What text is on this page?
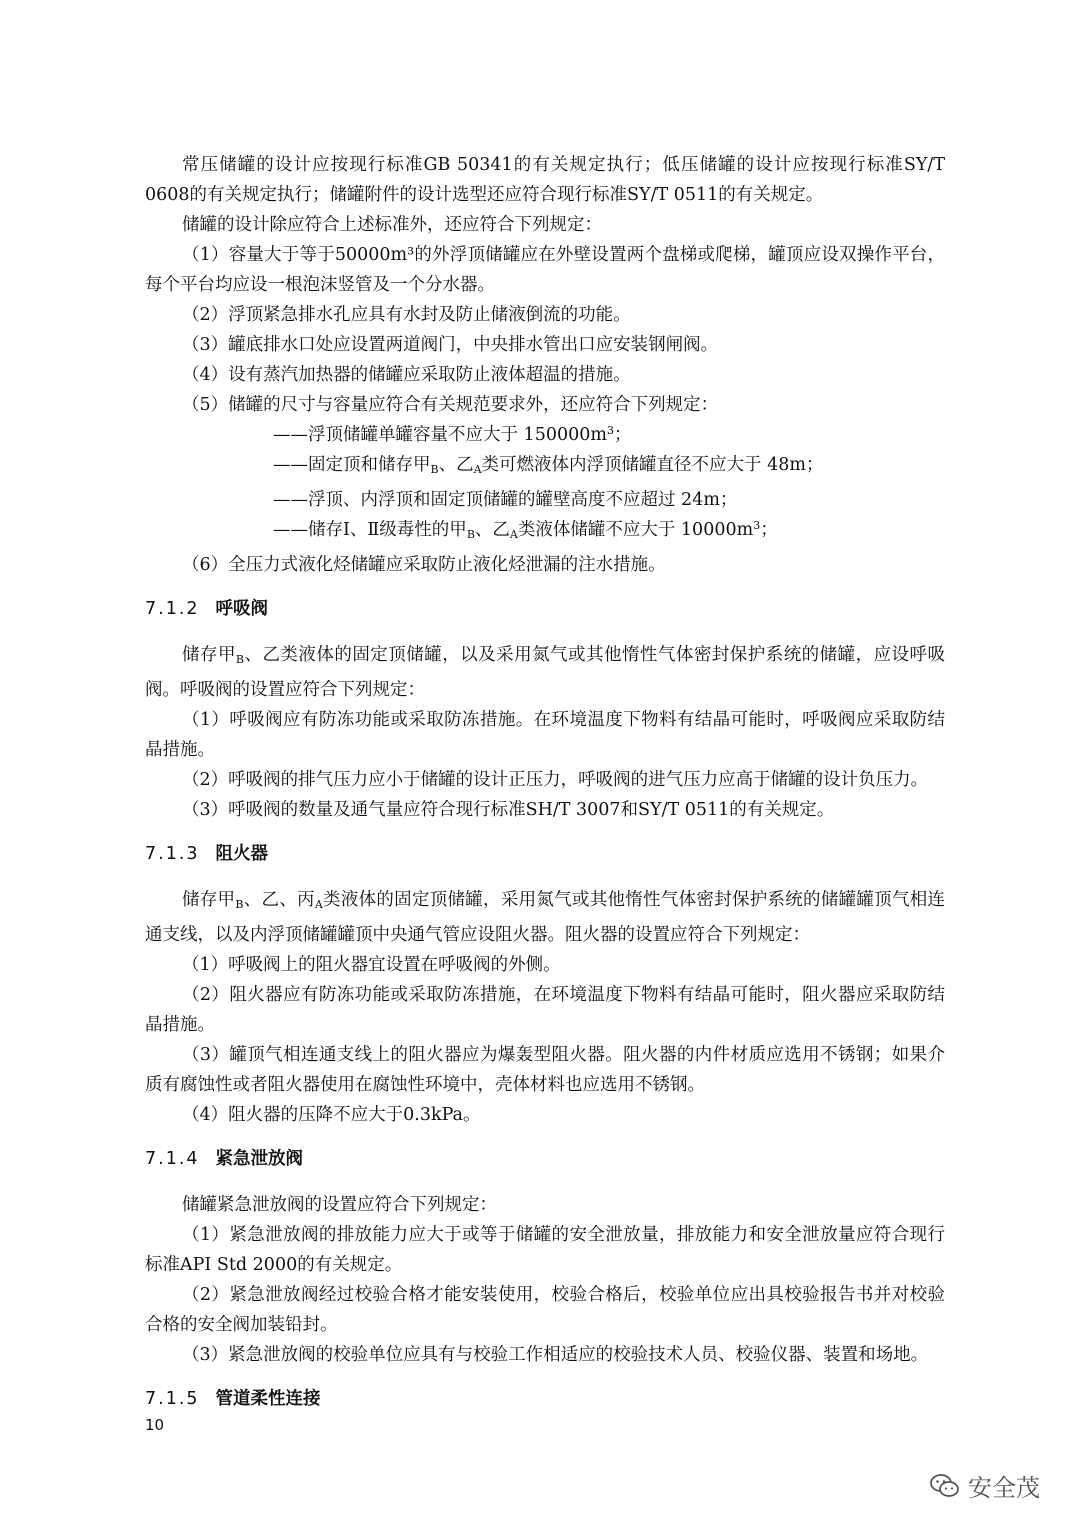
常压储罐的设计应按现行标准GB 50341的有关规定执行；低压储罐的设计应按现行标准SY/T 0608的有关规定执行；储罐附件的设计选型还应符合现行标准SY/T 0511的有关规定。

储罐的设计除应符合上述标准外，还应符合下列规定：

（1）容量大于等于50000m³的外浮顶储罐应在外壁设置两个盘梯或爬梯，罐顶应设双操作平台，每个平台均应设一根泡沫竖管及一个分水器。

（2）浮顶紧急排水孔应具有水封及防止储液倒流的功能。

（3）罐底排水口处应设置两道阀门，中央排水管出口应安装钢闸阀。

（4）设有蒸汽加热器的储罐应采取防止液体超温的措施。

（5）储罐的尺寸与容量应符合有关规范要求外，还应符合下列规定：

——浮顶储罐单罐容量不应大于 $150000m^3$；

——固定顶和储存甲$_B$、乙$_A$类可燃液体内浮顶储罐直径不应大于 48m；

——浮顶、内浮顶和固定顶储罐的罐壁高度不应超过 24m；

——储存Ⅰ、Ⅱ级毒性的甲$_B$、乙$_A$类液体储罐不应大于 $10000m^3$；

（6）全压力式液化烃储罐应采取防止液化烃泄漏的注水措施。

7.1.2 呼吸阀

储存甲$_B$、乙类液体的固定顶储罐，以及采用氮气或其他惰性气体密封保护系统的储罐，应设呼吸阀。呼吸阀的设置应符合下列规定：

（1）呼吸阀应有防冻功能或采取防冻措施。在环境温度下物料有结晶可能时，呼吸阀应采取防结晶措施。

（2）呼吸阀的排气压力应小于储罐的设计正压力，呼吸阀的进气压力应高于储罐的设计负压力。

（3）呼吸阀的数量及通气量应符合现行标准SH/T 3007和SY/T 0511的有关规定。

7.1.3 阻火器

储存甲$_B$、乙、丙$_A$类液体的固定顶储罐，采用氮气或其他惰性气体密封保护系统的储罐罐顶气相连通支线，以及内浮顶储罐罐顶中央通气管应设阻火器。阻火器的设置应符合下列规定：

（1）呼吸阀上的阻火器宜设置在呼吸阀的外侧。

（2）阻火器应有防冻功能或采取防冻措施，在环境温度下物料有结晶可能时，阻火器应采取防结晶措施。

（3）罐顶气相连通支线上的阻火器应为爆轰型阻火器。阻火器的内件材质应选用不锈钢；如果介质有腐蚀性或者阻火器使用在腐蚀性环境中，壳体材料也应选用不锈钢。

（4）阻火器的压降不应大于0.3kPa。

7.1.4 紧急泄放阀

储罐紧急泄放阀的设置应符合下列规定：

（1）紧急泄放阀的排放能力应大于或等于储罐的安全泄放量，排放能力和安全泄放量应符合现行标准API Std 2000的有关规定。

（2）紧急泄放阀经过校验合格才能安装使用，校验合格后，校验单位应出具校验报告书并对校验合格的安全阀加装铅封。

（3）紧急泄放阀的校验单位应具有与校验工作相适应的校验技术人员、校验仪器、装置和场地。

7.1.5 管道柔性连接
10
安全茂
